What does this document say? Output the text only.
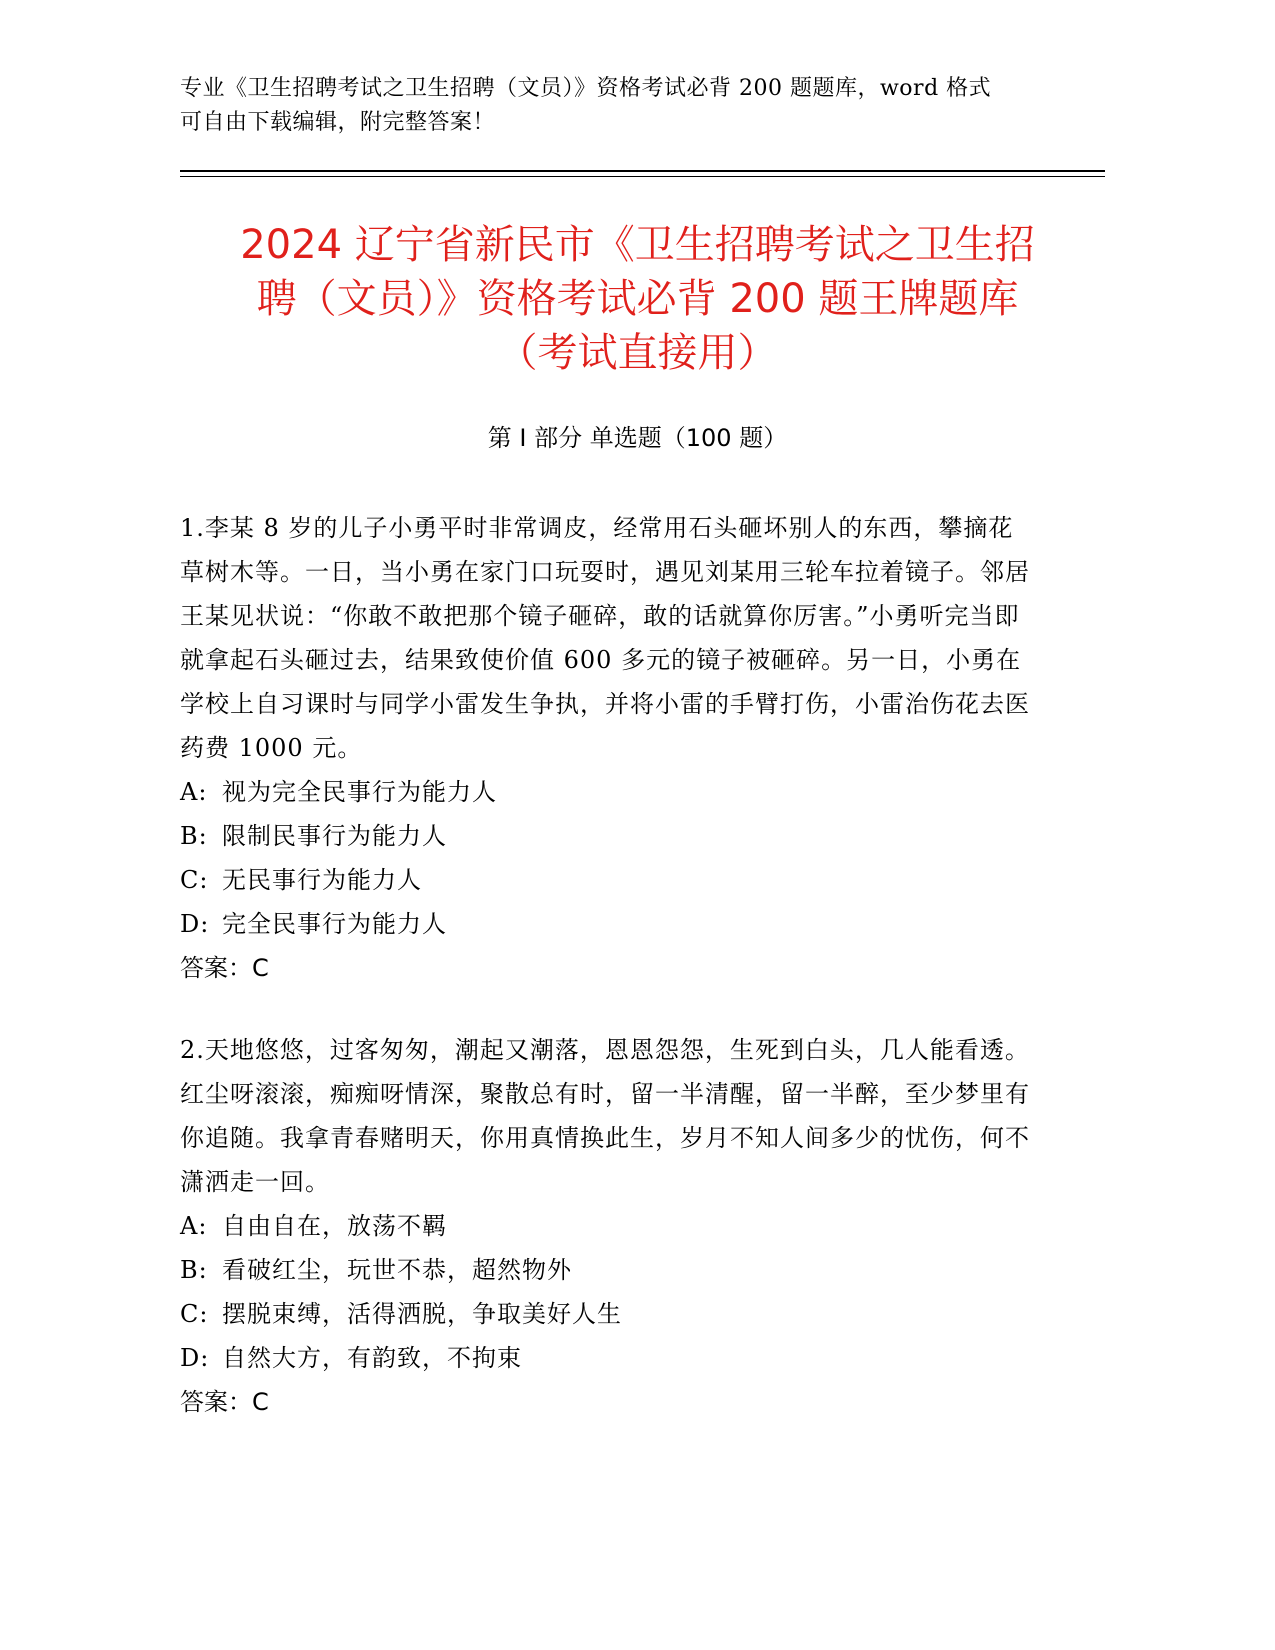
专业《卫生招聘考试之卫生招聘（文员）》资格考试必背 200 题题库，word 格式
可自由下载编辑，附完整答案！
2024 辽宁省新民市《卫生招聘考试之卫生招
聘（文员）》资格考试必背 200 题王牌题库
（考试直接用）
第 I 部分 单选题（100 题）

1.李某 8 岁的儿子小勇平时非常调皮，经常用石头砸坏别人的东西，攀摘花草树木等。一日，当小勇在家门口玩耍时，遇见刘某用三轮车拉着镜子。邻居王某见状说：“你敢不敢把那个镜子砸碎，敢的话就算你厉害。”小勇听完当即就拿起石头砸过去，结果致使价值 600 多元的镜子被砸碎。另一日，小勇在学校上自习课时与同学小雷发生争执，并将小雷的手臂打伤，小雷治伤花去医药费 1000 元。

A: 视为完全民事行为能力人
B: 限制民事行为能力人
C: 无民事行为能力人
D: 完全民事行为能力人
答案：C

2.天地悠悠，过客匆匆，潮起又潮落，恩恩怨怨，生死到白头，几人能看透。红尘呀滚滚，痴痴呀情深，聚散总有时，留一半清醒，留一半醉，至少梦里有你追随。我拿青春赌明天，你用真情换此生，岁月不知人间多少的忧伤，何不潇洒走一回。

A: 自由自在，放荡不羁
B: 看破红尘，玩世不恭，超然物外
C: 摆脱束缚，活得洒脱，争取美好人生
D: 自然大方，有韵致，不拘束
答案：C
